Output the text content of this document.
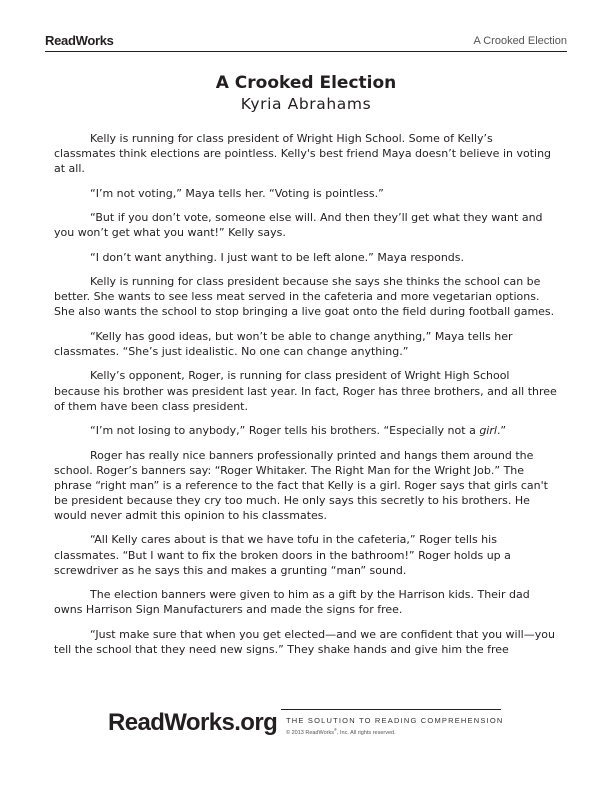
ReadWorks	A Crooked Election
A Crooked Election
Kyria Abrahams

Kelly is running for class president of Wright High School. Some of Kelly’s classmates think elections are pointless. Kelly's best friend Maya doesn’t believe in voting at all.

“I’m not voting,” Maya tells her. “Voting is pointless.”

“But if you don’t vote, someone else will. And then they’ll get what they want and you won’t get what you want!” Kelly says.

“I don’t want anything. I just want to be left alone.” Maya responds.

Kelly is running for class president because she says she thinks the school can be better. She wants to see less meat served in the cafeteria and more vegetarian options. She also wants the school to stop bringing a live goat onto the field during football games.

“Kelly has good ideas, but won’t be able to change anything,” Maya tells her classmates. “She’s just idealistic. No one can change anything.”

Kelly’s opponent, Roger, is running for class president of Wright High School because his brother was president last year. In fact, Roger has three brothers, and all three of them have been class president.

“I’m not losing to anybody,” Roger tells his brothers. “Especially not a girl.”

Roger has really nice banners professionally printed and hangs them around the school. Roger’s banners say: “Roger Whitaker. The Right Man for the Wright Job.” The phrase “right man” is a reference to the fact that Kelly is a girl. Roger says that girls can't be president because they cry too much. He only says this secretly to his brothers. He would never admit this opinion to his classmates.

“All Kelly cares about is that we have tofu in the cafeteria,” Roger tells his classmates. “But I want to fix the broken doors in the bathroom!” Roger holds up a screwdriver as he says this and makes a grunting “man” sound.

The election banners were given to him as a gift by the Harrison kids. Their dad owns Harrison Sign Manufacturers and made the signs for free.

“Just make sure that when you get elected—and we are confident that you will—you tell the school that they need new signs.” They shake hands and give him the free

ReadWorks.org THE SOLUTION TO READING COMPREHENSION
© 2013 ReadWorks®, Inc. All rights reserved.
